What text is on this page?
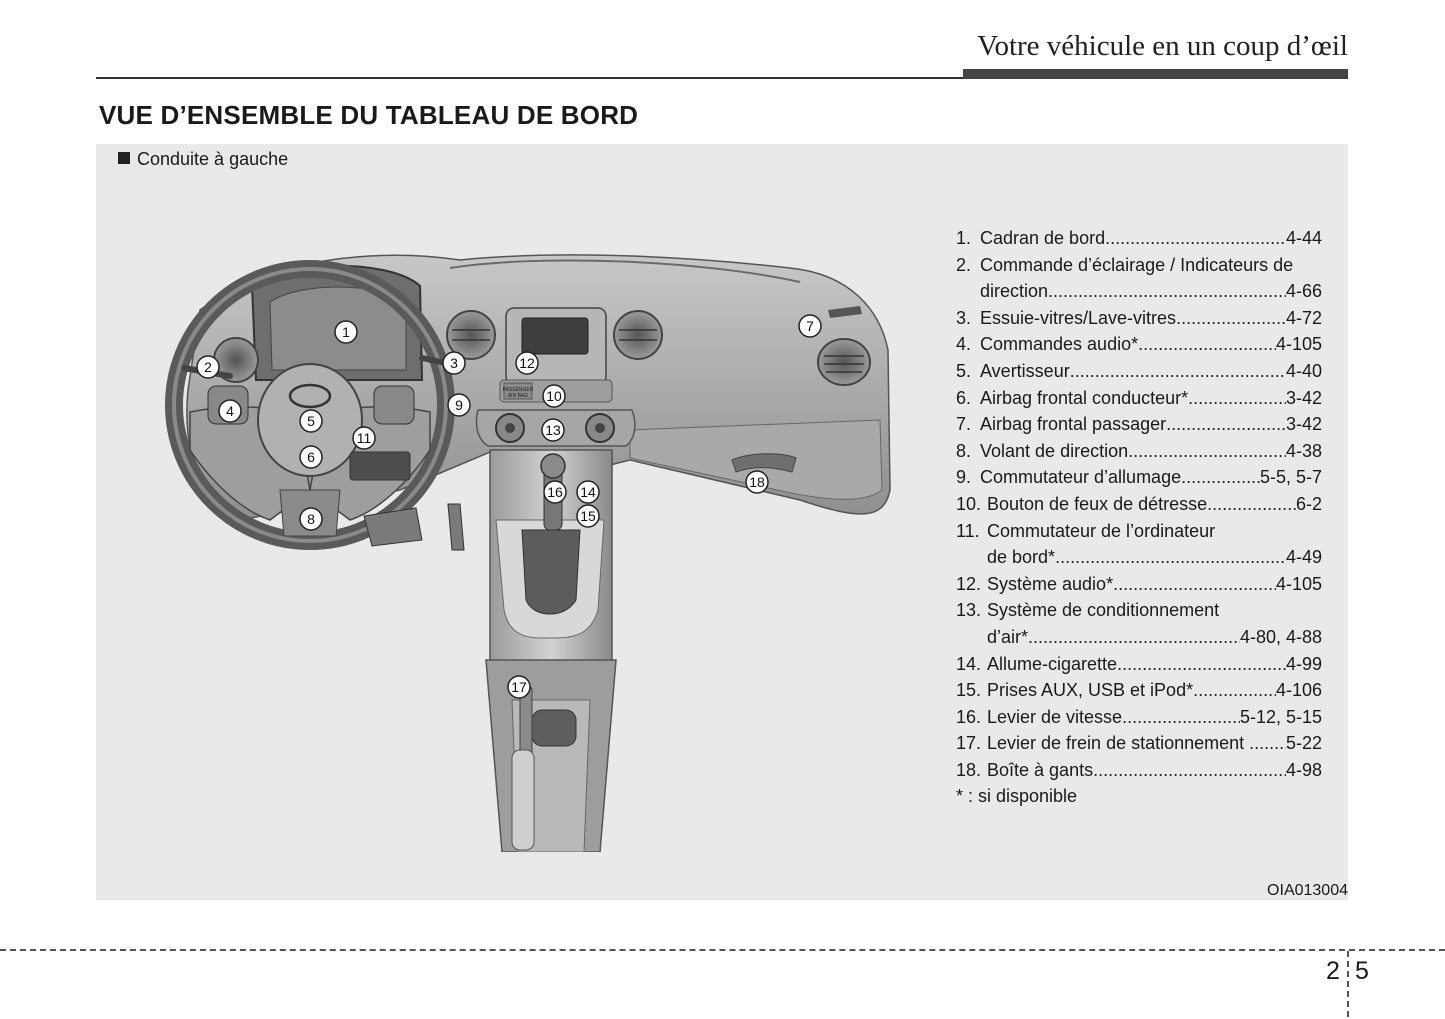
Votre véhicule en un coup d’œil
VUE D’ENSEMBLE DU TABLEAU DE BORD
Conduite à gauche
PASSENGER
AIR BAG
1
2	3
4
5
6
7
8
9
10
11
12
13
14
15
16
17
18
1. Cadran de bord .....	4-44
2. Commande d’éclairage / Indicateurs de
direction .....	4-66
3. Essuie-vitres/Lave-vitres .....	4-72
4. Commandes audio* .....	4-105
5. Avertisseur .....	4-40
6. Airbag frontal conducteur* .....	3-42
7. Airbag frontal passager .....	3-42
8. Volant de direction .....	4-38
9. Commutateur d’allumage .....	5-5, 5-7
10. Bouton de feux de détresse .....	6-2
11. Commutateur de l’ordinateur
de bord* .....	4-49
12. Système audio* .....	4-105
13. Système de conditionnement
d’air* .....	4-80, 4-88
14. Allume-cigarette .....	4-99
15. Prises AUX, USB et iPod* .....	4-106
16. Levier de vitesse .....	5-12, 5-15
17. Levier de frein de stationnement ..... 5-22
18. Boîte à gants .....	4-98
* : si disponible
OIA013004
2 5
